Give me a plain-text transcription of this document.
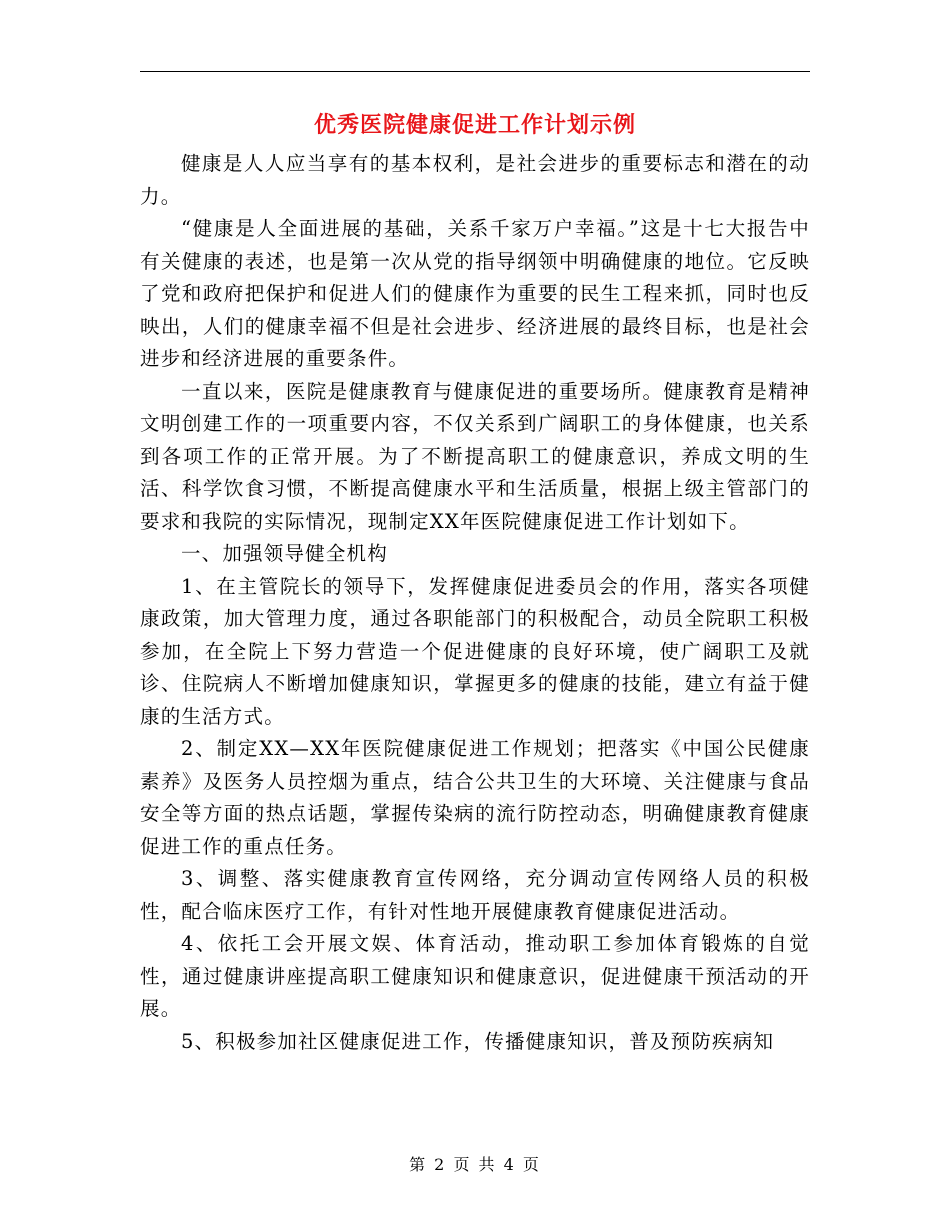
优秀医院健康促进工作计划示例

健康是人人应当享有的基本权利，是社会进步的重要标志和潜在的动力。

“健康是人全面进展的基础，关系千家万户幸福。”这是十七大报告中有关健康的表述，也是第一次从党的指导纲领中明确健康的地位。它反映了党和政府把保护和促进人们的健康作为重要的民生工程来抓，同时也反映出，人们的健康幸福不但是社会进步、经济进展的最终目标，也是社会进步和经济进展的重要条件。

一直以来，医院是健康教育与健康促进的重要场所。健康教育是精神文明创建工作的一项重要内容，不仅关系到广阔职工的身体健康，也关系到各项工作的正常开展。为了不断提高职工的健康意识，养成文明的生活、科学饮食习惯，不断提高健康水平和生活质量，根据上级主管部门的要求和我院的实际情况，现制定XX年医院健康促进工作计划如下。

一、加强领导健全机构

1、在主管院长的领导下，发挥健康促进委员会的作用，落实各项健康政策，加大管理力度，通过各职能部门的积极配合，动员全院职工积极参加，在全院上下努力营造一个促进健康的良好环境，使广阔职工及就诊、住院病人不断增加健康知识，掌握更多的健康的技能，建立有益于健康的生活方式。

2、制定XX—XX年医院健康促进工作规划；把落实《中国公民健康素养》及医务人员控烟为重点，结合公共卫生的大环境、关注健康与食品安全等方面的热点话题，掌握传染病的流行防控动态，明确健康教育健康促进工作的重点任务。

3、调整、落实健康教育宣传网络，充分调动宣传网络人员的积极性，配合临床医疗工作，有针对性地开展健康教育健康促进活动。

4、依托工会开展文娱、体育活动，推动职工参加体育锻炼的自觉性，通过健康讲座提高职工健康知识和健康意识，促进健康干预活动的开展。

5、积极参加社区健康促进工作，传播健康知识，普及预防疾病知

第 2 页 共 4 页
